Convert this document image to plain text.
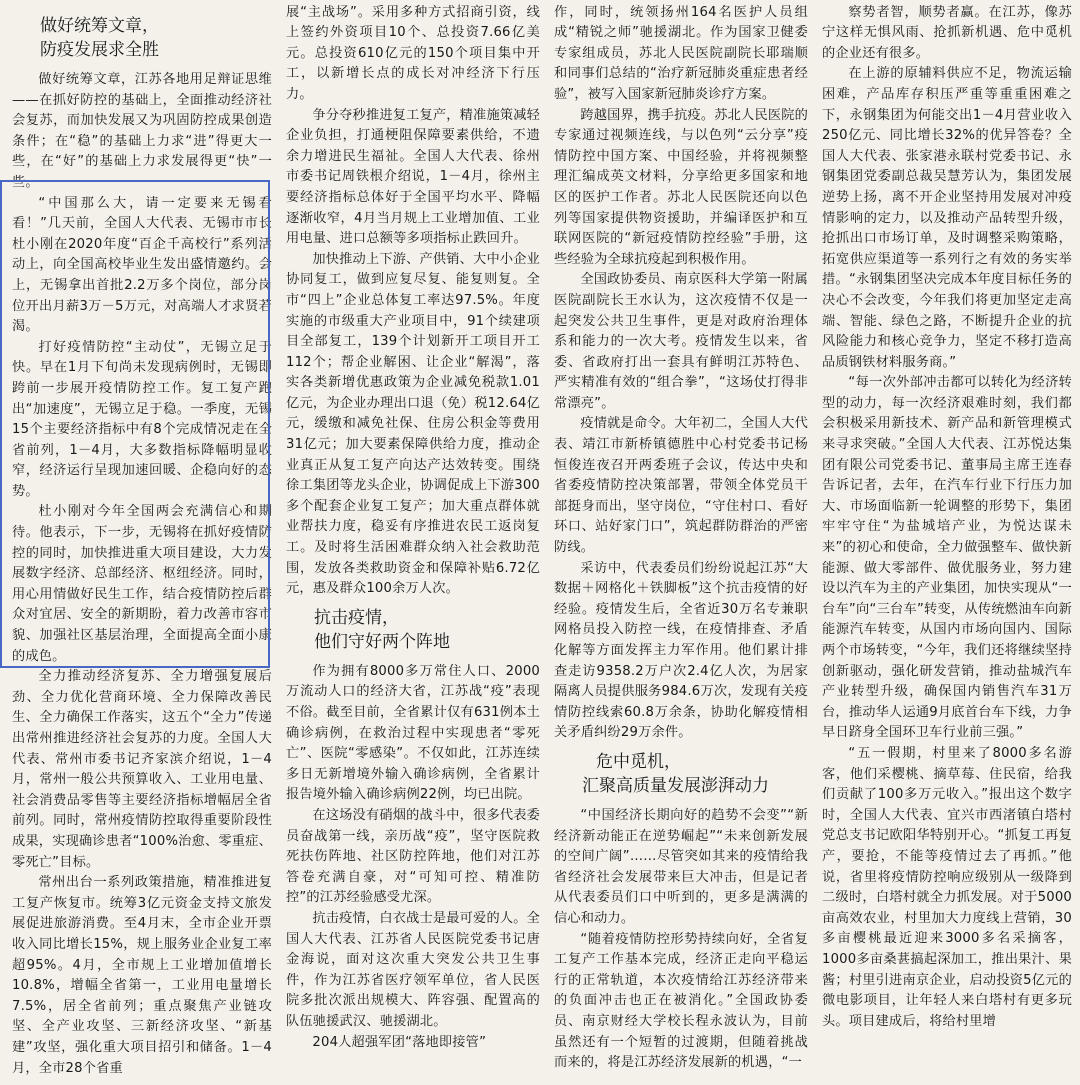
做好统筹文章，
防疫发展求全胜

做好统筹文章，江苏各地用足辩证思维——在抓好防控的基础上，全面推动经济社会复苏，而加快发展又为巩固防控成果创造条件；在“稳”的基础上力求“进”得更大一些，在“好”的基础上力求发展得更“快”一些。

“中国那么大，请一定要来无锡看看！”几天前，全国人大代表、无锡市市长杜小刚在2020年度“百企千高校行”系列活动上，向全国高校毕业生发出盛情邀约。会上，无锡拿出首批2.2万多个岗位，部分岗位开出月薪3万－5万元，对高端人才求贤若渴。

打好疫情防控“主动仗”，无锡立足于快。早在1月下旬尚未发现病例时，无锡即跨前一步展开疫情防控工作。复工复产跑出“加速度”，无锡立足于稳。一季度，无锡15个主要经济指标中有8个完成情况走在全省前列，1－4月，大多数指标降幅明显收窄，经济运行呈现加速回暖、企稳向好的态势。

杜小刚对今年全国两会充满信心和期待。他表示，下一步，无锡将在抓好疫情防控的同时，加快推进重大项目建设，大力发展数字经济、总部经济、枢纽经济。同时，用心用情做好民生工作，结合疫情防控后群众对宜居、安全的新期盼，着力改善市容市貌、加强社区基层治理，全面提高全面小康的成色。

全力推动经济复苏、全力增强复展后劲、全力优化营商环境、全力保障改善民生、全力确保工作落实，这五个“全力”传递出常州推进经济社会复苏的力度。全国人大代表、常州市委书记齐家滨介绍说，1－4月，常州一般公共预算收入、工业用电量、社会消费品零售等主要经济指标增幅居全省前列。同时，常州疫情防控取得重要阶段性成果，实现确诊患者“100%治愈、零重症、零死亡”目标。

常州出台一系列政策措施，精准推进复工复产恢复市。统筹3亿元资金支持文旅发展促进旅游消费。至4月末，全市企业开票收入同比增长15%，规上服务业企业复工率超95%。4月，全市规上工业增加值增长10.8%，增幅全省第一，工业用电量增长7.5%，居全省前列；重点聚焦产业链攻坚、全产业攻坚、三新经济攻坚、“新基建”攻坚，强化重大项目招引和储备。1－4月，全市28个省重

展“主战场”。采用多种方式招商引资，线上签约外资项目10个、总投资7.66亿美元。总投资610亿元的150个项目集中开工，以新增长点的成长对冲经济下行压力。

争分夺秒推进复工复产，精准施策减轻企业负担，打通梗阻保障要素供给，不遗余力增进民生福祉。全国人大代表、徐州市委书记周铁根介绍说，1－4月，徐州主要经济指标总体好于全国平均水平、降幅逐渐收窄，4月当月规上工业增加值、工业用电量、进口总额等多项指标止跌回升。

加快推动上下游、产供销、大中小企业协同复工，做到应复尽复、能复则复。全市“四上”企业总体复工率达97.5%。年度实施的市级重大产业项目中，91个续建项目全部复工，139个计划新开工项目开工112个；帮企业解困、让企业“解渴”，落实各类新增优惠政策为企业减免税款1.01亿元，为企业办理出口退（免）税12.64亿元，缓缴和减免社保、住房公积金等费用31亿元；加大要素保障供给力度，推动企业真正从复工复产向达产达效转变。围绕徐工集团等龙头企业，协调促成上下游300多个配套企业复工复产；加大重点群体就业帮扶力度，稳妥有序推进农民工返岗复工。及时将生活困难群众纳入社会救助范围，发放各类救助资金和保障补贴6.72亿元，惠及群众100余万人次。

抗击疫情，
他们守好两个阵地

作为拥有8000多万常住人口、2000万流动人口的经济大省，江苏战“疫”表现不俗。截至目前，全省累计仅有631例本土确诊病例，在救治过程中实现患者“零死亡”、医院“零感染”。不仅如此，江苏连续多日无新增境外输入确诊病例，全省累计报告境外输入确诊病例22例，均已出院。

在这场没有硝烟的战斗中，很多代表委员奋战第一线，亲历战“疫”，坚守医院救死扶伤阵地、社区防控阵地，他们对江苏答卷充满自豪，对“可知可控、精准防控”的江苏经验感受尤深。

抗击疫情，白衣战士是最可爱的人。全国人大代表、江苏省人民医院党委书记唐金海说，面对这次重大突发公共卫生事件，作为江苏省医疗领军单位，省人民医院多批次派出规模大、阵容强、配置高的队伍驰援武汉、驰援湖北。

204人超强军团“落地即接管”

作，同时，统领扬州164名医护人员组成“精锐之师”驰援湖北。作为国家卫健委专家组成员，苏北人民医院副院长耶瑞顺和同事们总结的“治疗新冠肺炎重症患者经验”，被写入国家新冠肺炎诊疗方案。

跨越国界，携手抗疫。苏北人民医院的专家通过视频连线，与以色列“云分享”疫情防控中国方案、中国经验，并将视频整理汇编成英文材料，分享给更多国家和地区的医护工作者。苏北人民医院还向以色列等国家提供物资援助，并编译医护和互联网医院的“新冠疫情防控经验”手册，这些经验为全球抗疫起到积极作用。

全国政协委员、南京医科大学第一附属医院副院长王水认为，这次疫情不仅是一起突发公共卫生事件，更是对政府治理体系和能力的一次大考。疫情发生以来，省委、省政府打出一套具有鲜明江苏特色、严实精准有效的“组合拳”，“这场仗打得非常漂亮”。

疫情就是命令。大年初二，全国人大代表、靖江市新桥镇德胜中心村党委书记杨恒俊连夜召开两委班子会议，传达中央和省委疫情防控决策部署，带领全体党员干部挺身而出，坚守岗位，“守住村口、看好环口、站好家门口”，筑起群防群治的严密防线。

采访中，代表委员们纷纷说起江苏“大数据＋网格化＋铁脚板”这个抗击疫情的好经验。疫情发生后，全省近30万名专兼职网格员投入防控一线，在疫情排查、矛盾化解等方面发挥主力军作用。他们累计排查走访9358.2万户次2.4亿人次，为居家隔离人员提供服务984.6万次，发现有关疫情防控线索60.8万余条，协助化解疫情相关矛盾纠纷29万余件。

危中觅机，
汇聚高质量发展澎湃动力

“中国经济长期向好的趋势不会变”“新经济新动能正在逆势崛起”“未来创新发展的空间广阔”……尽管突如其来的疫情给我省经济社会发展带来巨大冲击，但是记者从代表委员们口中听到的，更多是满满的信心和动力。

“随着疫情防控形势持续向好，全省复工复产工作基本完成，经济正走向平稳运行的正常轨道，本次疫情给江苏经济带来的负面冲击也正在被消化。”全国政协委员、南京财经大学校长程永波认为，目前虽然还有一个短暂的过渡期，但随着挑战而来的，将是江苏经济发展新的机遇，“一

察势者智，顺势者赢。在江苏，像苏宁这样无惧风雨、抢抓新机遇、危中觅机的企业还有很多。

在上游的原辅料供应不足，物流运输困难，产品库存积压严重等重重困难之下，永钢集团为何能交出1－4月营业收入250亿元、同比增长32%的优异答卷？全国人大代表、张家港永联村党委书记、永钢集团党委副总裁吴慧芳认为，集团发展逆势上扬，离不开企业坚持用发展对冲疫情影响的定力，以及推动产品转型升级，抢抓出口市场订单，及时调整采购策略，拓宽供应渠道等一系列行之有效的务实举措。“永钢集团坚决完成本年度目标任务的决心不会改变，今年我们将更加坚定走高端、智能、绿色之路，不断提升企业的抗风险能力和核心竞争力，坚定不移打造高品质钢铁材料服务商。”

“每一次外部冲击都可以转化为经济转型的动力，每一次经济艰难时刻，我们都会积极采用新技术、新产品和新管理模式来寻求突破。”全国人大代表、江苏悦达集团有限公司党委书记、董事局主席王连春告诉记者，去年，在汽车行业下行压力加大、市场面临新一轮调整的形势下，集团牢牢守住“为盐城培产业，为悦达谋未来”的初心和使命，全力做强整车、做快新能源、做大零部件、做优服务业，努力建设以汽车为主的产业集团，加快实现从“一台车”向“三台车”转变，从传统燃油车向新能源汽车转变，从国内市场向国内、国际两个市场转变，“今年，我们还将继续坚持创新驱动，强化研发营销，推动盐城汽车产业转型升级，确保国内销售汽车31万台，推动华人运通9月底首台车下线，力争早日跻身全国环卫车行业前三强。”

“五一假期，村里来了8000多名游客，他们采樱桃、摘草莓、住民宿，给我们贡献了100多万元收入。”报出这个数字时，全国人大代表、宜兴市西渚镇白塔村党总支书记欧阳华特别开心。“抓复工再复产，要抢，不能等疫情过去了再抓。”他说，省里将疫情防控响应级别从一级降到二级时，白塔村就全力抓发展。对于5000亩高效农业，村里加大力度线上营销，30多亩樱桃最近迎来3000多名采摘客，1000多亩桑葚搞起深加工，推出果汁、果酱；村里引进南京企业，启动投资5亿元的微电影项目，让年轻人来白塔村有更多玩头。项目建成后，将给村里增
